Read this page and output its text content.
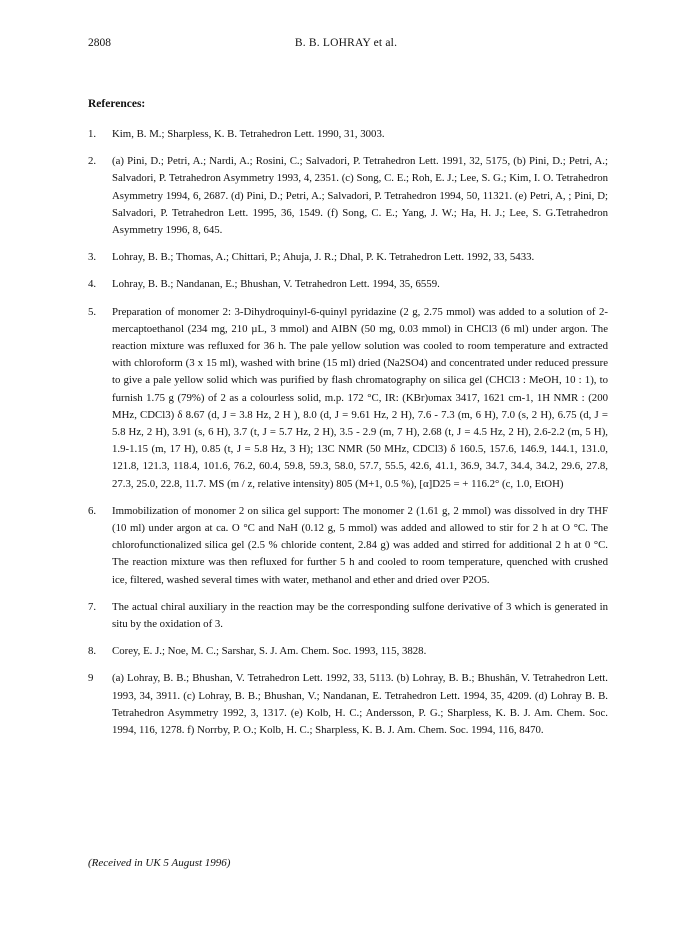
2808	B. B. LOHRAY et al.
References:
1.	Kim, B. M.; Sharpless, K. B. Tetrahedron Lett. 1990, 31, 3003.
2.	(a) Pini, D.; Petri, A.; Nardi, A.; Rosini, C.; Salvadori, P. Tetrahedron Lett. 1991, 32, 5175, (b) Pini, D.; Petri, A.; Salvadori, P. Tetrahedron Asymmetry 1993, 4, 2351. (c) Song, C. E.; Roh, E. J.; Lee, S. G.; Kim, I. O. Tetrahedron Asymmetry 1994, 6, 2687. (d) Pini, D.; Petri, A.; Salvadori, P. Tetrahedron 1994, 50, 11321. (e) Petri, A, ; Pini, D; Salvadori, P. Tetrahedron Lett. 1995, 36, 1549. (f) Song, C. E.; Yang, J. W.; Ha, H. J.; Lee, S. G.Tetrahedron Asymmetry 1996, 8, 645.
3.	Lohray, B. B.; Thomas, A.; Chittari, P.; Ahuja, J. R.; Dhal, P. K. Tetrahedron Lett. 1992, 33, 5433.
4.	Lohray, B. B.; Nandanan, E.; Bhushan, V. Tetrahedron Lett. 1994, 35, 6559.
5.	Preparation of monomer 2: 3-Dihydroquinyl-6-quinyl pyridazine (2 g, 2.75 mmol) was added to a solution of 2-mercaptoethanol (234 mg, 210 µL, 3 mmol) and AIBN (50 mg, 0.03 mmol) in CHCl3 (6 ml) under argon. The reaction mixture was refluxed for 36 h. The pale yellow solution was cooled to room temperature and extracted with chloroform (3 x 15 ml), washed with brine (15 ml) dried (Na2SO4) and concentrated under reduced pressure to give a pale yellow solid which was purified by flash chromatography on silica gel (CHCl3 : MeOH, 10 : 1), to furnish 1.75 g (79%) of 2 as a colourless solid, m.p. 172 °C, IR: (KBr)υmax 3417, 1621 cm-1, 1H NMR : (200 MHz, CDCl3) δ 8.67 (d, J = 3.8 Hz, 2 H ), 8.0 (d, J = 9.61 Hz, 2 H), 7.6 - 7.3 (m, 6 H), 7.0 (s, 2 H), 6.75 (d, J = 5.8 Hz, 2 H), 3.91 (s, 6 H), 3.7 (t, J = 5.7 Hz, 2 H), 3.5 - 2.9 (m, 7 H), 2.68 (t, J = 4.5 Hz, 2 H), 2.6-2.2 (m, 5 H), 1.9-1.15 (m, 17 H), 0.85 (t, J = 5.8 Hz, 3 H); 13C NMR (50 MHz, CDCl3) δ 160.5, 157.6, 146.9, 144.1, 131.0, 121.8, 121.3, 118.4, 101.6, 76.2, 60.4, 59.8, 59.3, 58.0, 57.7, 55.5, 42.6, 41.1, 36.9, 34.7, 34.4, 34.2, 29.6, 27.8, 27.3, 25.0, 22.8, 11.7. MS (m / z, relative intensity) 805 (M+1, 0.5 %), [α]D25 = + 116.2° (c, 1.0, EtOH)
6.	Immobilization of monomer 2 on silica gel support: The monomer 2 (1.61 g, 2 mmol) was dissolved in dry THF (10 ml) under argon at ca. O °C and NaH (0.12 g, 5 mmol) was added and allowed to stir for 2 h at O °C. The chlorofunctionalized silica gel (2.5 % chloride content, 2.84 g) was added and stirred for additional 2 h at 0 °C. The reaction mixture was then refluxed for further 5 h and cooled to room temperature, quenched with crushed ice, filtered, washed several times with water, methanol and ether and dried over P2O5.
7.	The actual chiral auxiliary in the reaction may be the corresponding sulfone derivative of 3 which is generated in situ by the oxidation of 3.
8.	Corey, E. J.; Noe, M. C.; Sarshar, S. J. Am. Chem. Soc. 1993, 115, 3828.
9	(a) Lohray, B. B.; Bhushan, V. Tetrahedron Lett. 1992, 33, 5113. (b) Lohray, B. B.; Bhushân, V. Tetrahedron Lett. 1993, 34, 3911. (c) Lohray, B. B.; Bhushan, V.; Nandanan, E. Tetrahedron Lett. 1994, 35, 4209. (d) Lohray B. B. Tetrahedron Asymmetry 1992, 3, 1317. (e) Kolb, H. C.; Andersson, P. G.; Sharpless, K. B. J. Am. Chem. Soc. 1994, 116, 1278. f) Norrby, P. O.; Kolb, H. C.; Sharpless, K. B. J. Am. Chem. Soc. 1994, 116, 8470.
(Received in UK 5 August 1996)
